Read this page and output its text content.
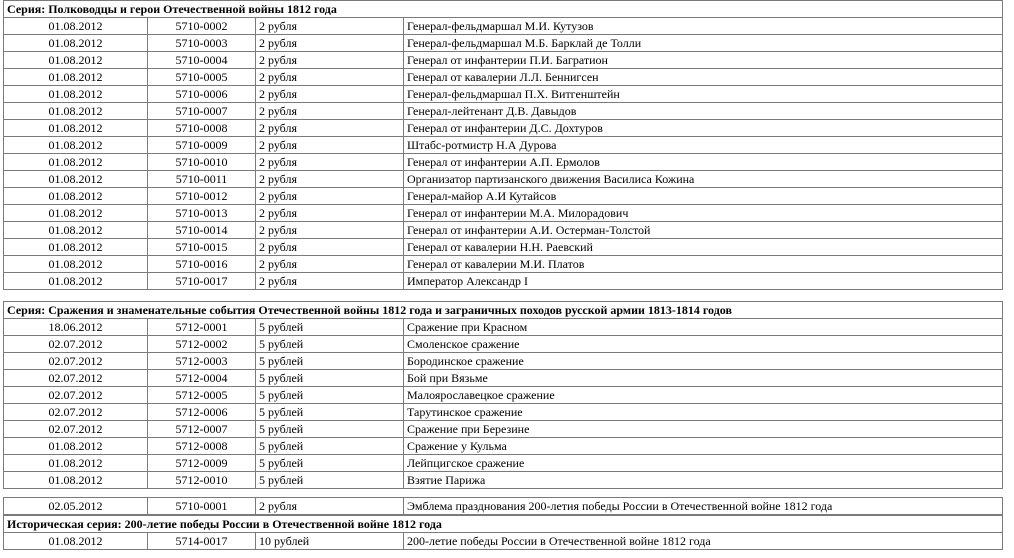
Серия: Полководцы и герои Отечественной войны 1812 года			
01.08.2012	5710-0002	2 рубля	Генерал-фельдмаршал М.И. Кутузов
01.08.2012	5710-0003	2 рубля	Генерал-фельдмаршал М.Б. Барклай де Толли
01.08.2012	5710-0004	2 рубля	Генерал от инфантерии П.И. Багратион
01.08.2012	5710-0005	2 рубля	Генерал от кавалерии Л.Л. Беннигсен
01.08.2012	5710-0006	2 рубля	Генерал-фельдмаршал П.Х. Витгенштейн
01.08.2012	5710-0007	2 рубля	Генерал-лейтенант Д.В. Давыдов
01.08.2012	5710-0008	2 рубля	Генерал от инфантерии Д.С. Дохтуров
01.08.2012	5710-0009	2 рубля	Штабс-ротмистр Н.А Дурова
01.08.2012	5710-0010	2 рубля	Генерал от инфантерии А.П. Ермолов
01.08.2012	5710-0011	2 рубля	Организатор партизанского движения Василиса Кожина
01.08.2012	5710-0012	2 рубля	Генерал-майор А.И Кутайсов
01.08.2012	5710-0013	2 рубля	Генерал от инфантерии М.А. Милорадович
01.08.2012	5710-0014	2 рубля	Генерал от инфантерии А.И. Остерман-Толстой
01.08.2012	5710-0015	2 рубля	Генерал от кавалерии Н.Н. Раевский
01.08.2012	5710-0016	2 рубля	Генерал от кавалерии М.И. Платов
01.08.2012	5710-0017	2 рубля	Император Александр I
Серия: Сражения и знаменательные события Отечественной войны 1812 года и заграничных походов русской армии 1813-1814 годов			
18.06.2012	5712-0001	5 рублей	Сражение при Красном
02.07.2012	5712-0002	5 рублей	Смоленское сражение
02.07.2012	5712-0003	5 рублей	Бородинское сражение
02.07.2012	5712-0004	5 рублей	Бой при Вязьме
02.07.2012	5712-0005	5 рублей	Малоярославецкое сражение
02.07.2012	5712-0006	5 рублей	Тарутинское сражение
02.07.2012	5712-0007	5 рублей	Сражение при Березине
01.08.2012	5712-0008	5 рублей	Сражение у Кульма
01.08.2012	5712-0009	5 рублей	Лейпцигское сражение
01.08.2012	5712-0010	5 рублей	Взятие Парижа
02.05.2012	5710-0001	2 рубля	Эмблема празднования 200-летия победы России в Отечественной войне 1812 года
Историческая серия: 200-летие победы России в Отечественной войне 1812 года
01.08.2012	5714-0017	10 рублей	200-летие победы России в Отечественной войне 1812 года
